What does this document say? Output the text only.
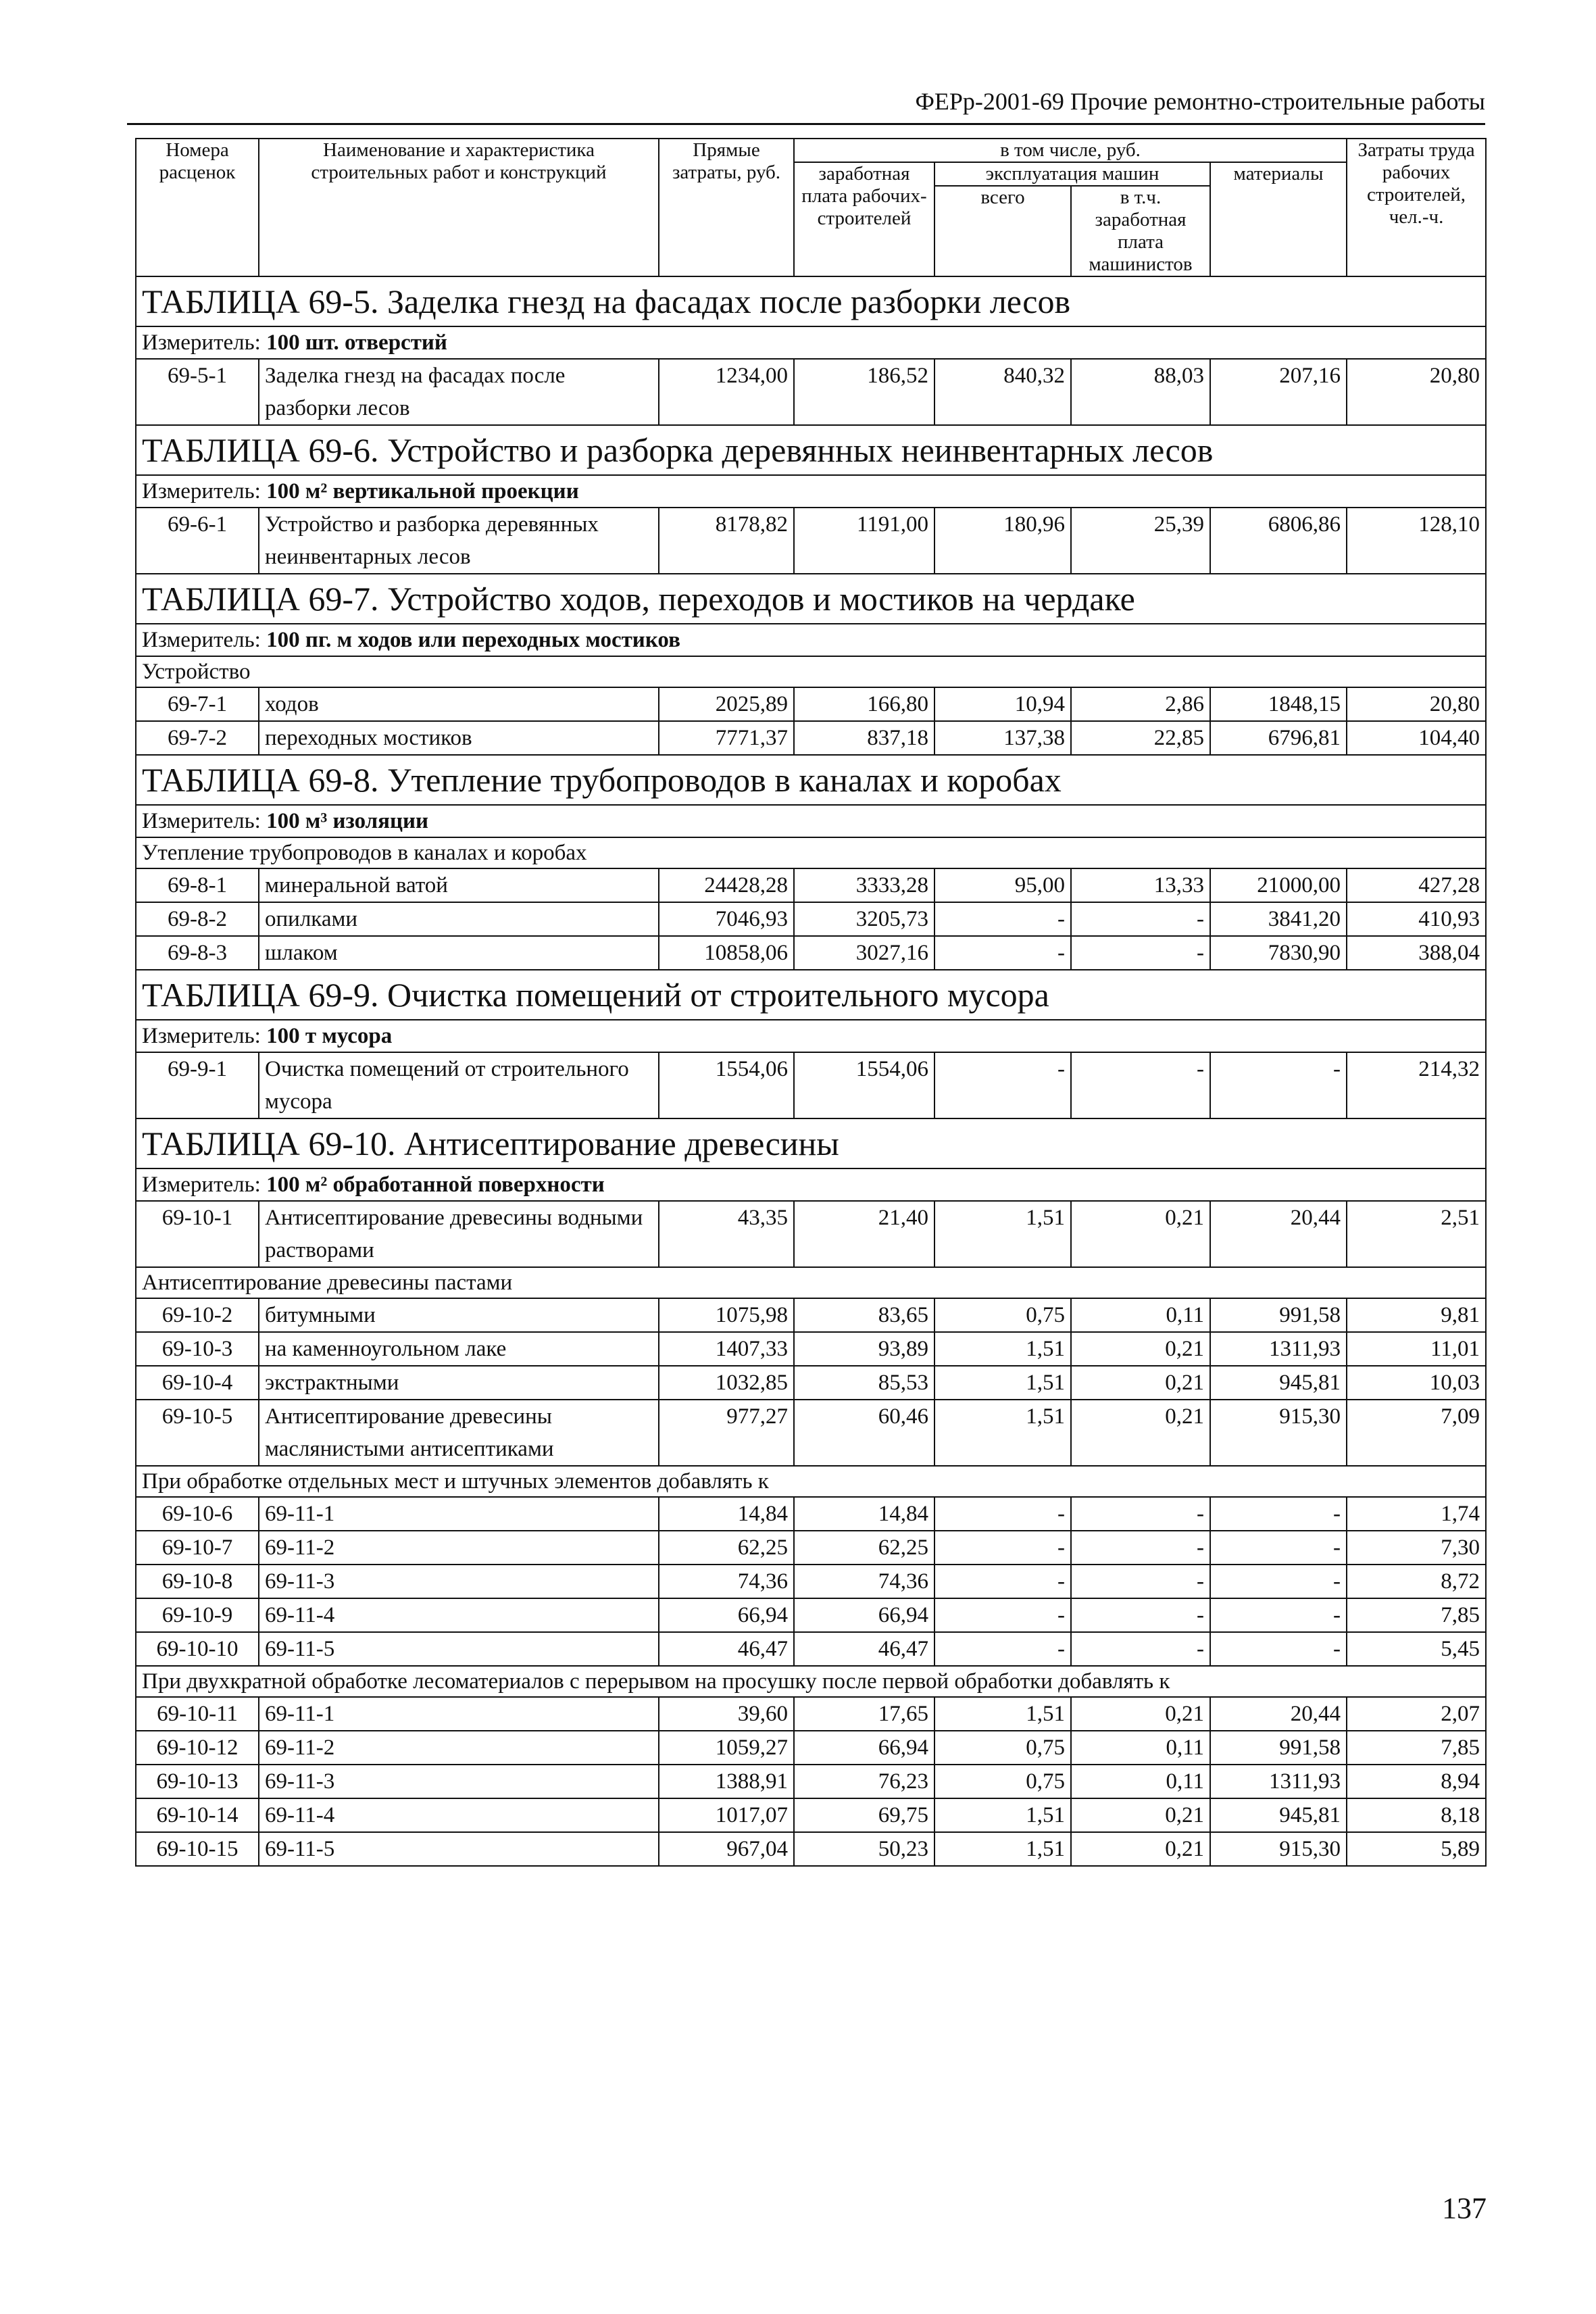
ФЕРр-2001-69 Прочие ремонтно-строительные работы
Номера расценок	Наименование и характеристика строительных работ и конструкций	Прямые затраты, руб.	в том числе, руб.				Затраты труда рабочих строителей, чел.-ч.
			заработная плата рабочих-строителей	эксплуатация машин		материалы	
				всего	в т.ч. заработная плата машинистов		
ТАБЛИЦА 69-5. Заделка гнезд на фасадах после разборки лесов							
Измеритель: 100 шт. отверстий							
69-5-1	Заделка гнезд на фасадах после разборки лесов	1234,00	186,52	840,32	88,03	207,16	20,80
ТАБЛИЦА 69-6. Устройство и разборка деревянных неинвентарных лесов							
Измеритель: 100 м² вертикальной проекции							
69-6-1	Устройство и разборка деревянных неинвентарных лесов	8178,82	1191,00	180,96	25,39	6806,86	128,10
ТАБЛИЦА 69-7. Устройство ходов, переходов и мостиков на чердаке							
Измеритель: 100 пг. м ходов или переходных мостиков							
Устройство							
69-7-1	ходов	2025,89	166,80	10,94	2,86	1848,15	20,80
69-7-2	переходных мостиков	7771,37	837,18	137,38	22,85	6796,81	104,40
ТАБЛИЦА 69-8. Утепление трубопроводов в каналах и коробах							
Измеритель: 100 м³ изоляции							
Утепление трубопроводов в каналах и коробах							
69-8-1	минеральной ватой	24428,28	3333,28	95,00	13,33	21000,00	427,28
69-8-2	опилками	7046,93	3205,73	-	-	3841,20	410,93
69-8-3	шлаком	10858,06	3027,16	-	-	7830,90	388,04
ТАБЛИЦА 69-9. Очистка помещений от строительного мусора							
Измеритель: 100 т мусора							
69-9-1	Очистка помещений от строительного мусора	1554,06	1554,06	-	-	-	214,32
ТАБЛИЦА 69-10. Антисептирование древесины							
Измеритель: 100 м² обработанной поверхности							
69-10-1	Антисептирование древесины водными растворами	43,35	21,40	1,51	0,21	20,44	2,51
Антисептирование древесины пастами							
69-10-2	битумными	1075,98	83,65	0,75	0,11	991,58	9,81
69-10-3	на каменноугольном лаке	1407,33	93,89	1,51	0,21	1311,93	11,01
69-10-4	экстрактными	1032,85	85,53	1,51	0,21	945,81	10,03
69-10-5	Антисептирование древесины маслянистыми антисептиками	977,27	60,46	1,51	0,21	915,30	7,09
При обработке отдельных мест и штучных элементов добавлять к							
69-10-6	69-11-1	14,84	14,84	-	-	-	1,74
69-10-7	69-11-2	62,25	62,25	-	-	-	7,30
69-10-8	69-11-3	74,36	74,36	-	-	-	8,72
69-10-9	69-11-4	66,94	66,94	-	-	-	7,85
69-10-10	69-11-5	46,47	46,47	-	-	-	5,45
При двухкратной обработке лесоматериалов с перерывом на просушку после первой обработки добавлять к							
69-10-11	69-11-1	39,60	17,65	1,51	0,21	20,44	2,07
69-10-12	69-11-2	1059,27	66,94	0,75	0,11	991,58	7,85
69-10-13	69-11-3	1388,91	76,23	0,75	0,11	1311,93	8,94
69-10-14	69-11-4	1017,07	69,75	1,51	0,21	945,81	8,18
69-10-15	69-11-5	967,04	50,23	1,51	0,21	915,30	5,89
137
